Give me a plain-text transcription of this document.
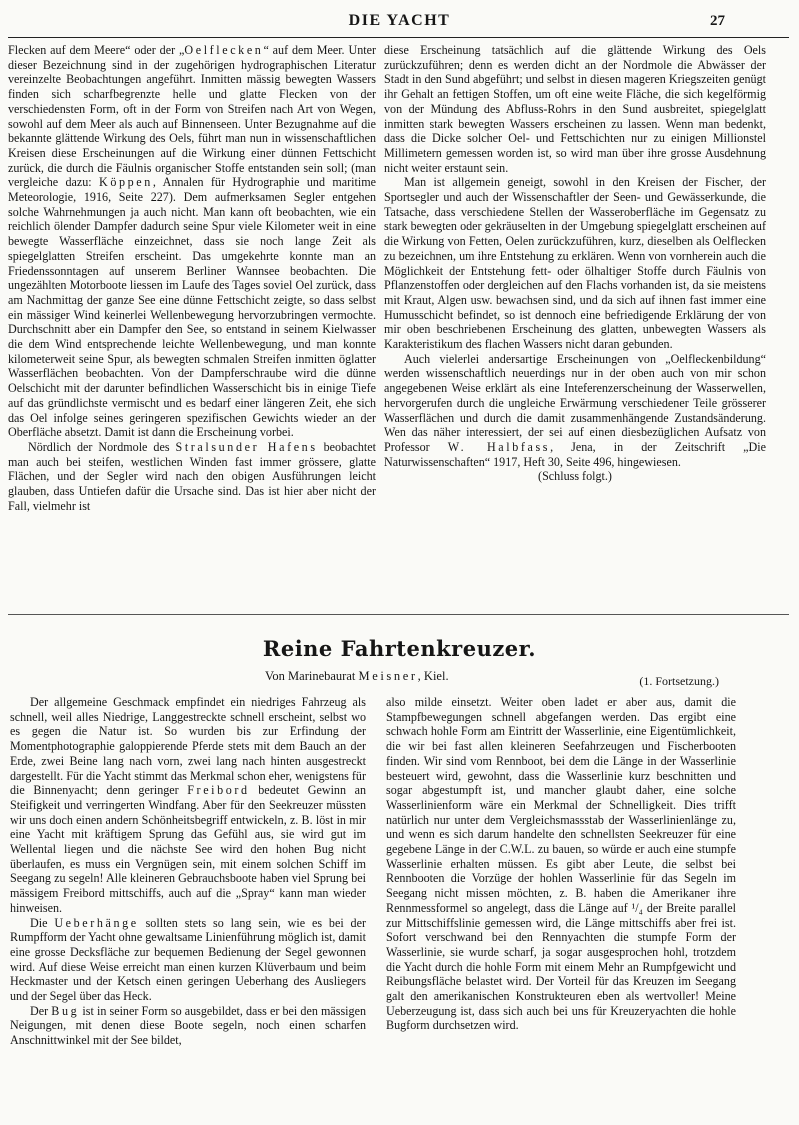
DIE YACHT	27

Flecken auf dem Meere“ oder der „Oelflecken“ auf dem Meer. Unter dieser Bezeichnung sind in der zugehörigen hydrographischen Literatur vereinzelte Beobachtungen angeführt. Inmitten mässig bewegten Wassers finden sich scharfbegrenzte helle und glatte Flecken von der verschiedensten Form, oft in der Form von Streifen nach Art von Wegen, sowohl auf dem Meer als auch auf Binnenseen. Unter Bezugnahme auf die bekannte glättende Wirkung des Oels, führt man nun in wissenschaftlichen Kreisen diese Erscheinungen auf die Wirkung einer dünnen Fettschicht zurück, die durch die Fäulnis organischer Stoffe entstanden sein soll; (man vergleiche dazu: Köppen, Annalen für Hydrographie und maritime Meteorologie, 1916, Seite 227). Dem aufmerksamen Segler entgehen solche Wahrnehmungen ja auch nicht. Man kann oft beobachten, wie ein reichlich ölender Dampfer dadurch seine Spur viele Kilometer weit in eine bewegte Wasserfläche einzeichnet, dass sie noch lange Zeit als spiegelglatten Streifen erscheint. Das umgekehrte konnte man an Friedenssonntagen auf unserem Berliner Wannsee beobachten. Die ungezählten Motorboote liessen im Laufe des Tages soviel Oel zurück, dass am Nachmittag der ganze See eine dünne Fettschicht zeigte, so dass selbst ein mässiger Wind keinerlei Wellenbewegung hervorzubringen vermochte. Durchschnitt aber ein Dampfer den See, so entstand in seinem Kielwasser die dem Wind entsprechende leichte Wellenbewegung, und man konnte kilometerweit seine Spur, als bewegten schmalen Streifen inmitten öglatter Wasserflächen beobachten. Von der Dampferschraube wird die dünne Oelschicht mit der darunter befindlichen Wasserschicht bis in einige Tiefe auf das gründlichste vermischt und es bedarf einer längeren Zeit, ehe sich das Oel infolge seines geringeren spezifischen Gewichts wieder an der Oberfläche absetzt. Damit ist dann die Erscheinung vorbei.

Nördlich der Nordmole des Stralsunder Hafens beobachtet man auch bei steifen, westlichen Winden fast immer grössere, glatte Flächen, und der Segler wird nach den obigen Ausführungen leicht glauben, dass Untiefen dafür die Ursache sind. Das ist hier aber nicht der Fall, vielmehr ist

diese Erscheinung tatsächlich auf die glättende Wirkung des Oels zurückzuführen; denn es werden dicht an der Nordmole die Abwässer der Stadt in den Sund abgeführt; und selbst in diesen mageren Kriegszeiten genügt ihr Gehalt an fettigen Stoffen, um oft eine weite Fläche, die sich kegelförmig von der Mündung des Abfluss-Rohrs in den Sund ausbreitet, spiegelglatt inmitten stark bewegten Wassers erscheinen zu lassen. Wenn man bedenkt, dass die Dicke solcher Oel- und Fettschichten nur zu einigen Millionstel Millimetern gemessen worden ist, so wird man über ihre grosse Ausdehnung nicht weiter erstaunt sein.

Man ist allgemein geneigt, sowohl in den Kreisen der Fischer, der Sportsegler und auch der Wissenschaftler der Seen- und Gewässerkunde, die Tatsache, dass verschiedene Stellen der Wasseroberfläche im Gegensatz zu stark bewegten oder gekräuselten in der Umgebung spiegelglatt erscheinen auf die Wirkung von Fetten, Oelen zurückzuführen, kurz, dieselben als Oelflecken zu bezeichnen, um ihre Entstehung zu erklären. Wenn von vornherein auch die Möglichkeit der Entstehung fett- oder ölhaltiger Stoffe durch Fäulnis von Pflanzenstoffen oder dergleichen auf den Flachs vorhanden ist, da sie meistens mit Kraut, Algen usw. bewachsen sind, und da sich auf ihnen fast immer eine Humusschicht befindet, so ist dennoch eine befriedigende Erklärung der von mir oben beschriebenen Erscheinung des glatten, unbewegten Wassers als Karakteristikum des flachen Wassers nicht daran gebunden.

Auch vielerlei andersartige Erscheinungen von „Oelfleckenbildung“ werden wissenschaftlich neuerdings nur in der oben auch von mir schon angegebenen Weise erklärt als eine Inteferenzerscheinung der Wasserwellen, hervorgerufen durch die ungleiche Erwärmung verschiedener Teile grösserer Wasserflächen und durch die damit zusammenhängende Zustandsänderung. Wen das näher interessiert, der sei auf einen diesbezüglichen Aufsatz von Professor W. Halbfass, Jena, in der Zeitschrift „Die Naturwissenschaften“ 1917, Heft 30, Seite 496, hingewiesen.

(Schluss folgt.)
Reine Fahrtenkreuzer.
Von Marinebaurat Meisner, Kiel.	(1. Fortsetzung.)

Der allgemeine Geschmack empfindet ein niedriges Fahrzeug als schnell, weil alles Niedrige, Langgestreckte schnell erscheint, selbst wo es gegen die Natur ist. So wurden bis zur Erfindung der Momentphotographie galoppierende Pferde stets mit dem Bauch an der Erde, zwei Beine lang nach vorn, zwei lang nach hinten ausgestreckt dargestellt. Für die Yacht stimmt das Merkmal schon eher, wenigstens für die Binnenyacht; denn geringer Freibord bedeutet Gewinn an Steifigkeit und verringerten Windfang. Aber für den Seekreuzer müssten wir uns doch einen andern Schönheitsbegriff entwickeln, z. B. löst in mir eine Yacht mit kräftigem Sprung das Gefühl aus, sie wird gut im Wellental liegen und die nächste See wird den hohen Bug nicht überlaufen, es muss ein Vergnügen sein, mit einem solchen Schiff im Seegang zu segeln! Alle kleineren Gebrauchsboote haben viel Sprung bei mässigem Freibord mittschiffs, auch auf die „Spray“ kann man wieder hinweisen.

Die Ueberhänge sollten stets so lang sein, wie es bei der Rumpfform der Yacht ohne gewaltsame Linienführung möglich ist, damit eine grosse Decksfläche zur bequemen Bedienung der Segel gewonnen wird. Auf diese Weise erreicht man einen kurzen Klüverbaum und beim Heckmaster und der Ketsch einen geringen Ueberhang des Ausliegers und der Segel über das Heck.

Der Bug ist in seiner Form so ausgebildet, dass er bei den mässigen Neigungen, mit denen diese Boote segeln, noch einen scharfen Anschnittwinkel mit der See bildet,

also milde einsetzt. Weiter oben ladet er aber aus, damit die Stampfbewegungen schnell abgefangen werden. Das ergibt eine schwach hohle Form am Eintritt der Wasserlinie, eine Eigentümlichkeit, die wir bei fast allen kleineren Seefahrzeugen und Fischerbooten finden. Wir sind vom Rennboot, bei dem die Länge in der Wasserlinie besteuert wird, gewohnt, dass die Wasserlinie kurz beschnitten und sogar abgestumpft ist, und mancher glaubt daher, eine solche Wasserlinienform wäre ein Merkmal der Schnelligkeit. Dies trifft natürlich nur unter dem Vergleichsmassstab der Wasserlinienlänge zu, und wenn es sich darum handelte den schnellsten Seekreuzer für eine gegebene Länge in der C.W.L. zu bauen, so würde er auch eine stumpfe Wasserlinie erhalten müssen. Es gibt aber Leute, die selbst bei Rennbooten die Vorzüge der hohlen Wasserlinie für das Segeln im Seegang nicht missen möchten, z. B. haben die Amerikaner ihre Rennmessformel so angelegt, dass die Länge auf ¹/₄ der Breite parallel zur Mittschiffslinie gemessen wird, die Länge mittschiffs aber frei ist. Sofort verschwand bei den Rennyachten die stumpfe Form der Wasserlinie, sie wurde scharf, ja sogar ausgesprochen hohl, trotzdem die Yacht durch die hohle Form mit einem Mehr an Rumpfgewicht und Reibungsfläche belastet wird. Der Vorteil für das Kreuzen im Seegang galt den amerikanischen Konstrukteuren eben als wertvoller! Meine Ueberzeugung ist, dass sich auch bei uns für Kreuzeryachten die hohle Bugform durchsetzen wird.
